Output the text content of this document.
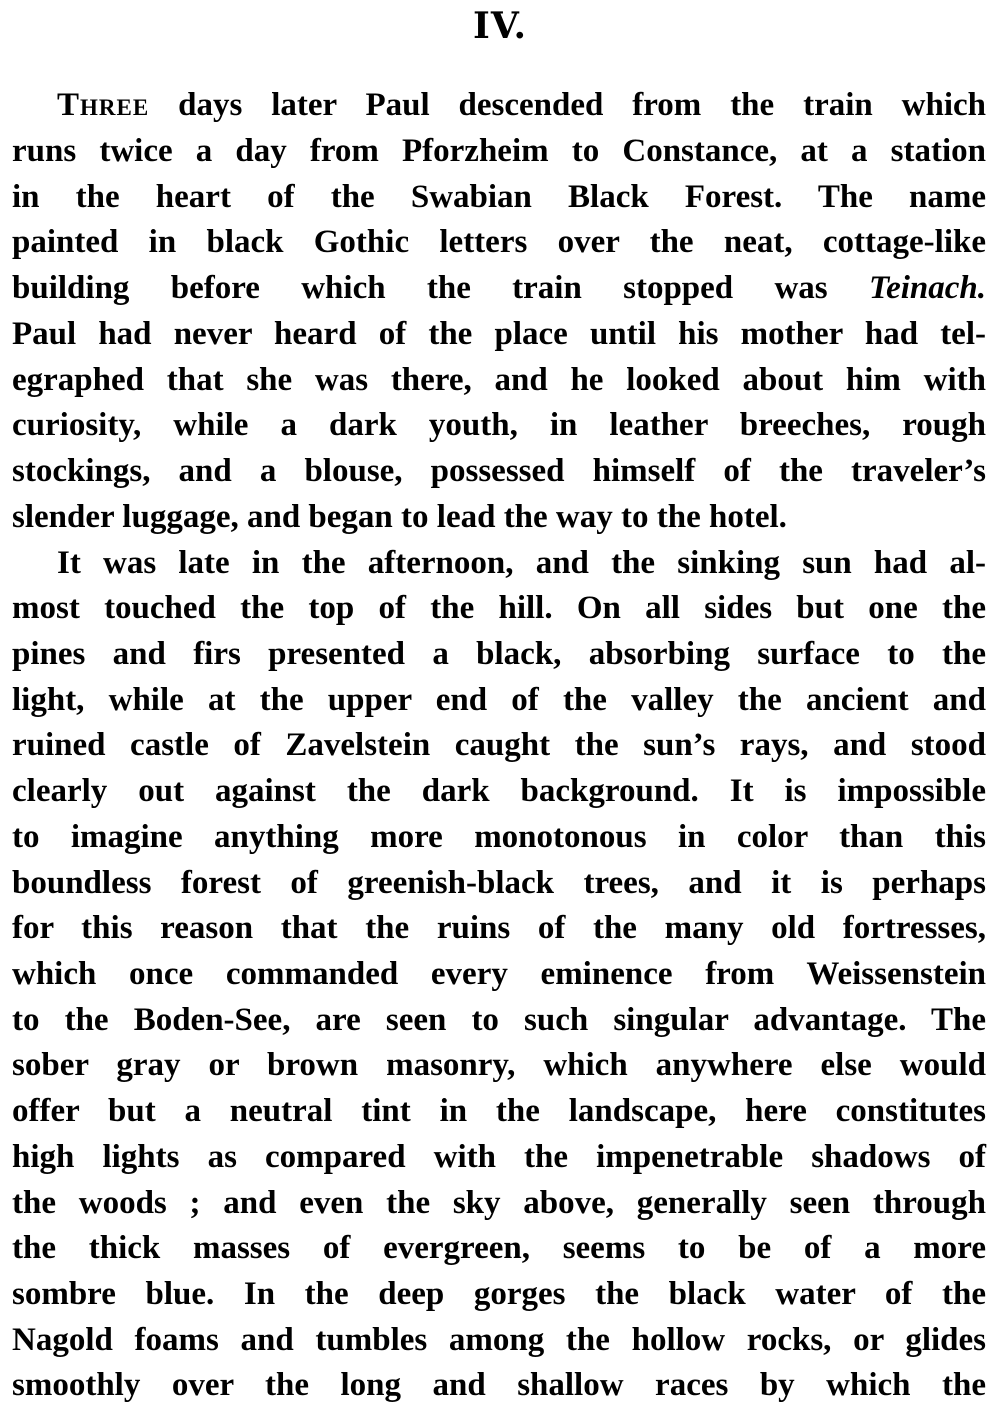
IV.
Three days later Paul descended from the train which
runs twice a day from Pforzheim to Constance, at a station
in the heart of the Swabian Black Forest. The name
painted in black Gothic letters over the neat, cottage-like
building before which the train stopped was Teinach.
Paul had never heard of the place until his mother had tel-
egraphed that she was there, and he looked about him with
curiosity, while a dark youth, in leather breeches, rough
stockings, and a blouse, possessed himself of the traveler’s
slender luggage, and began to lead the way to the hotel.
It was late in the afternoon, and the sinking sun had al-
most touched the top of the hill. On all sides but one the
pines and firs presented a black, absorbing surface to the
light, while at the upper end of the valley the ancient and
ruined castle of Zavelstein caught the sun’s rays, and stood
clearly out against the dark background. It is impossible
to imagine anything more monotonous in color than this
boundless forest of greenish-black trees, and it is perhaps
for this reason that the ruins of the many old fortresses,
which once commanded every eminence from Weissenstein
to the Boden-See, are seen to such singular advantage. The
sober gray or brown masonry, which anywhere else would
offer but a neutral tint in the landscape, here constitutes
high lights as compared with the impenetrable shadows of
the woods ; and even the sky above, generally seen through
the thick masses of evergreen, seems to be of a more
sombre blue. In the deep gorges the black water of the
Nagold foams and tumbles among the hollow rocks, or glides
smoothly over the long and shallow races by which the
